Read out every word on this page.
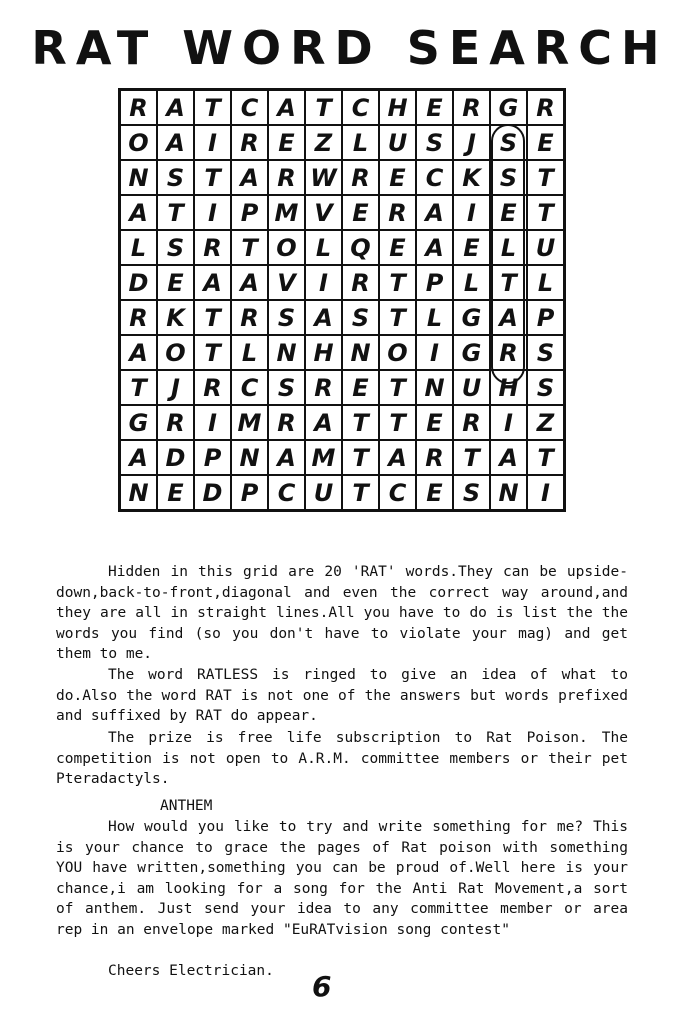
RAT WORD SEARCH
R	A	T	C	A	T	C	H	E	R	G	R
O	A	I	R	E	Z	L	U	S	J	S	E
N	S	T	A	R	W	R	E	C	K	S	T
A	T	I	P	M	V	E	R	A	I	E	T
L	S	R	T	O	L	Q	E	A	E	L	U
D	E	A	A	V	I	R	T	P	L	T	L
R	K	T	R	S	A	S	T	L	G	A	P
A	O	T	L	N	H	N	O	I	G	R	S
T	J	R	C	S	R	E	T	N	U	H	S
G	R	I	M	R	A	T	T	E	R	I	Z
A	D	P	N	A	M	T	A	R	T	A	T
N	E	D	P	C	U	T	C	E	S	N	I

Hidden in this grid are 20 'RAT' words.They can be upside-down,back-to-front,diagonal and even the correct way around,and they are all in straight lines.All you have to do is list the the words you find (so you don't have to violate your mag) and get them to me.

The word RATLESS is ringed to give an idea of what to do.Also the word RAT is not one of the answers but words prefixed and suffixed by RAT do appear.

The prize is free life subscription to Rat Poison. The competition is not open to A.R.M. committee members or their pet Pteradactyls.

ANTHEM

How would you like to try and write something for me? This is your chance to grace the pages of Rat poison with something YOU have written,something you can be proud of.Well here is your chance,i am looking for a song for the Anti Rat Movement,a sort of anthem. Just send your idea to any committee member or area rep in an envelope marked "EuRATvision song contest"

Cheers Electrician. 6
